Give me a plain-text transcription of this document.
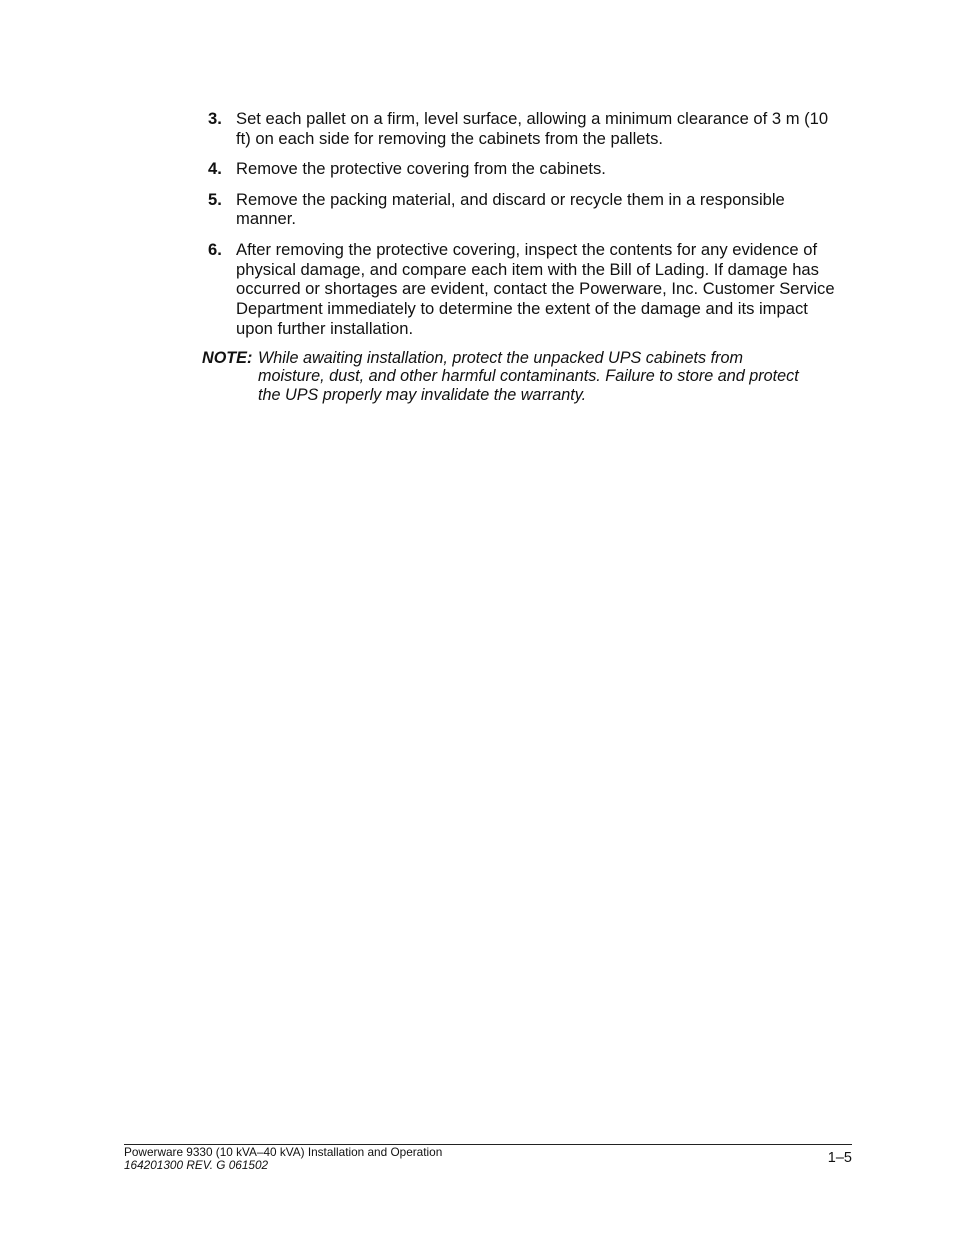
3. Set each pallet on a firm, level surface, allowing a minimum clearance of 3 m (10 ft) on each side for removing the cabinets from the pallets.
4. Remove the protective covering from the cabinets.
5. Remove the packing material, and discard or recycle them in a responsible manner.
6. After removing the protective covering, inspect the contents for any evidence of physical damage, and compare each item with the Bill of Lading. If damage has occurred or shortages are evident, contact the Powerware, Inc. Customer Service Department immediately to determine the extent of the damage and its impact upon further installation.
NOTE: While awaiting installation, protect the unpacked UPS cabinets from moisture, dust, and other harmful contaminants. Failure to store and protect the UPS properly may invalidate the warranty.
Powerware 9330 (10 kVA–40 kVA) Installation and Operation
164201300 REV. G 061502	1–5
